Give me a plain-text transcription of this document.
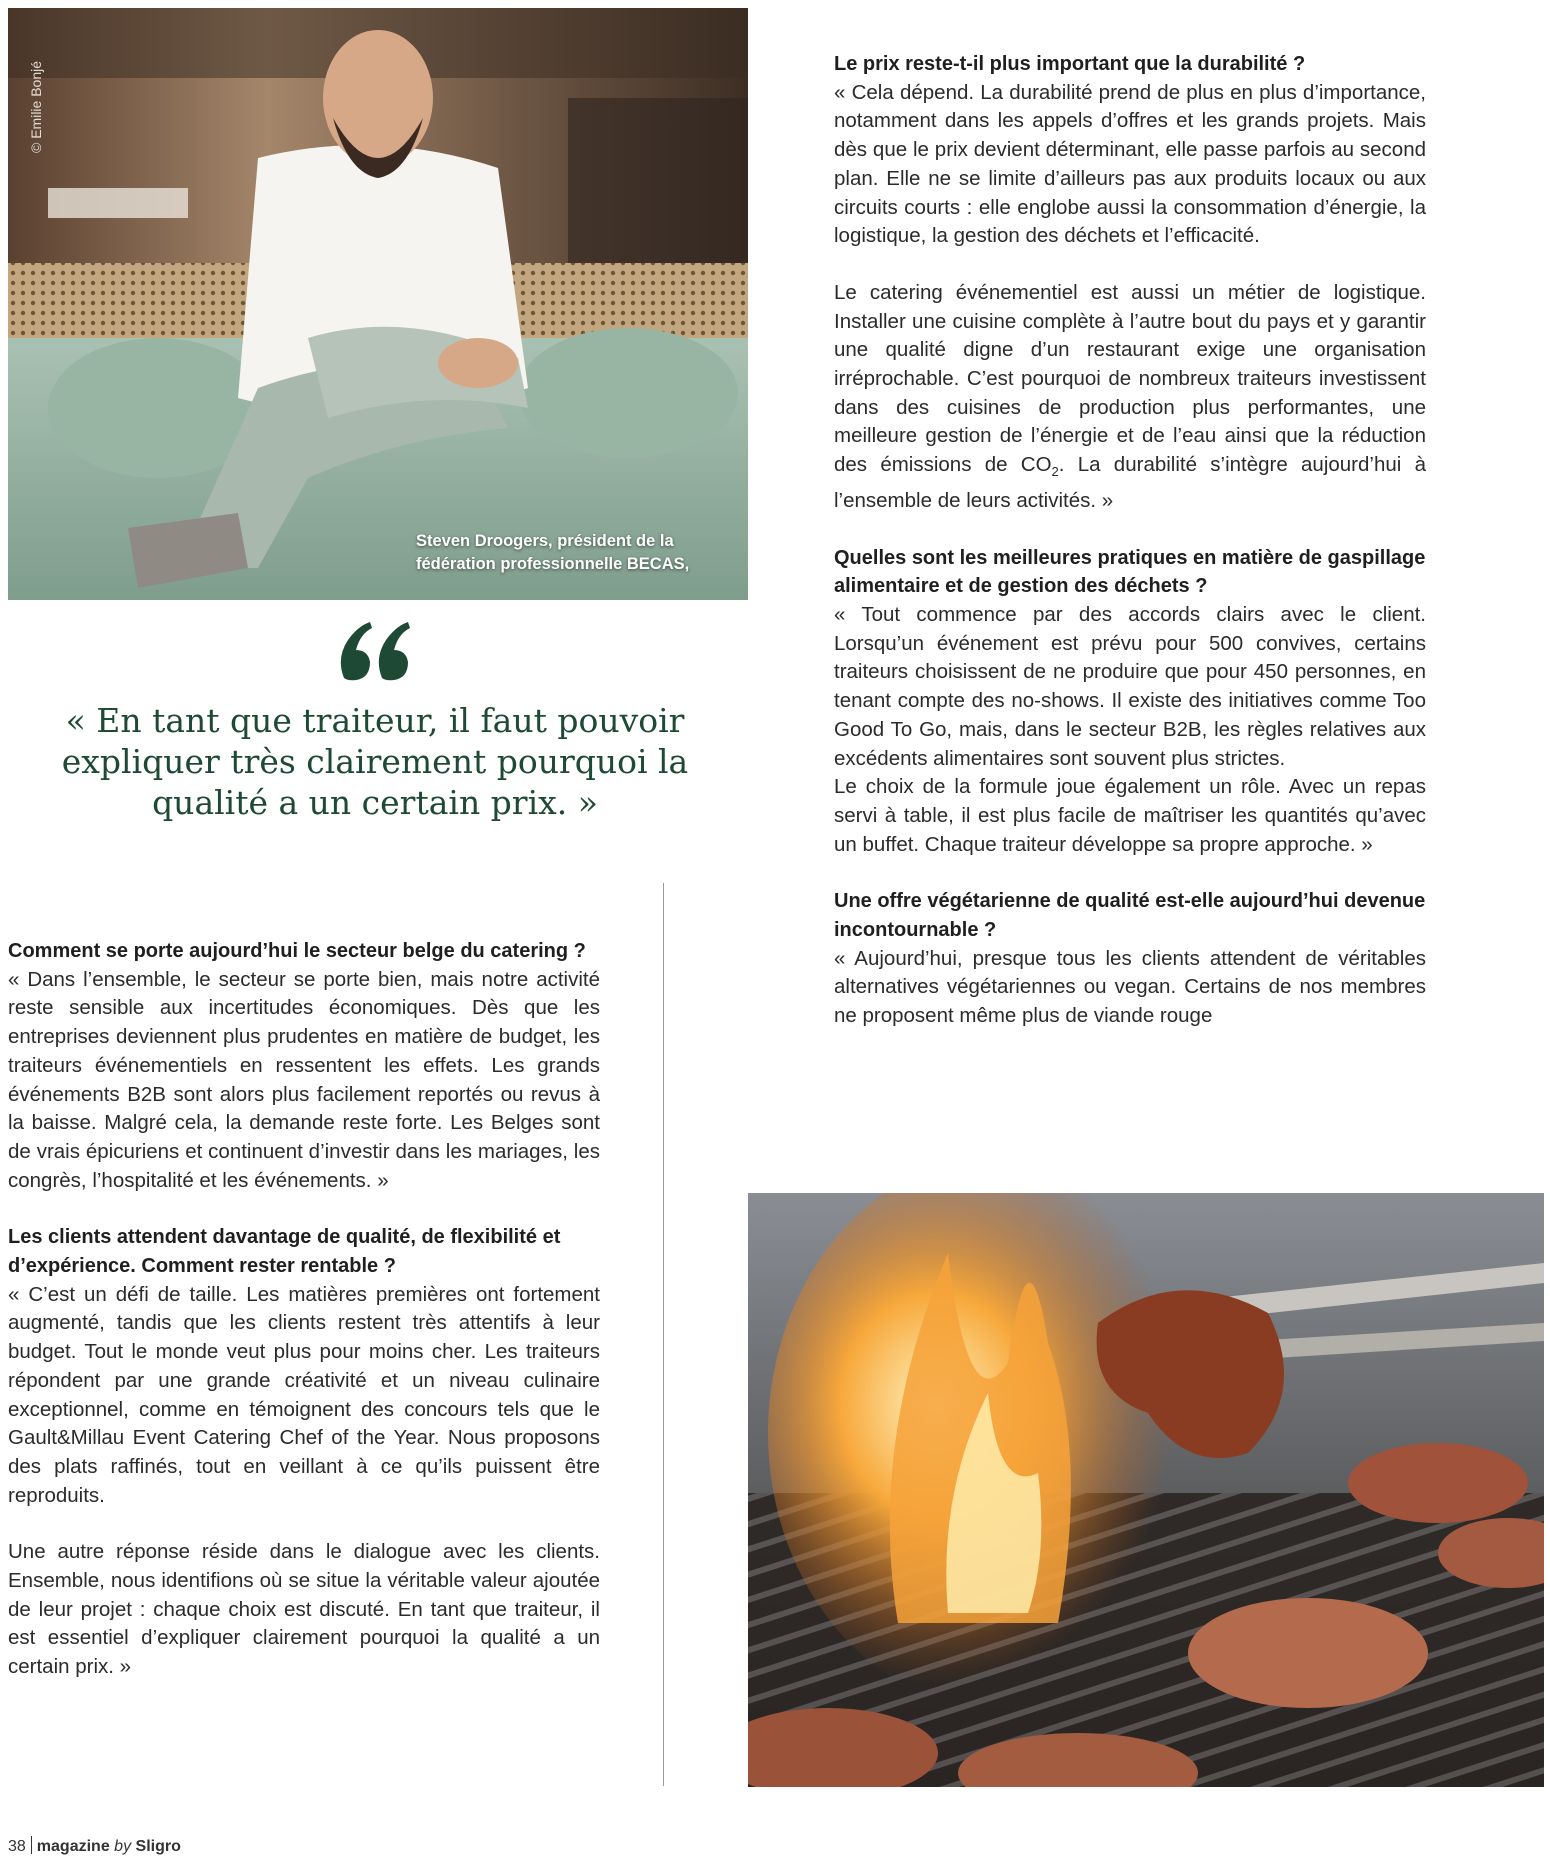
© Emilie Bonjé
Steven Droogers, président de la fédération professionnelle BECAS,
« En tant que traiteur, il faut pouvoir expliquer très clairement pourquoi la qualité a un certain prix. »
Comment se porte aujourd’hui le secteur belge du catering ?

« Dans l’ensemble, le secteur se porte bien, mais notre activité reste sensible aux incertitudes économiques. Dès que les entreprises deviennent plus prudentes en matière de budget, les traiteurs événementiels en ressentent les effets. Les grands événements B2B sont alors plus facilement reportés ou revus à la baisse. Malgré cela, la demande reste forte. Les Belges sont de vrais épicuriens et continuent d’investir dans les mariages, les congrès, l’hospitalité et les événements. »

Les clients attendent davantage de qualité, de flexibilité et d’expérience. Comment rester rentable ?

« C’est un défi de taille. Les matières premières ont fortement augmenté, tandis que les clients restent très attentifs à leur budget. Tout le monde veut plus pour moins cher. Les traiteurs répondent par une grande créativité et un niveau culinaire exceptionnel, comme en témoignent des concours tels que le Gault&Millau Event Catering Chef of the Year. Nous proposons des plats raffinés, tout en veillant à ce qu’ils puissent être reproduits.

Une autre réponse réside dans le dialogue avec les clients. Ensemble, nous identifions où se situe la véritable valeur ajoutée de leur projet : chaque choix est discuté. En tant que traiteur, il est essentiel d’expliquer clairement pourquoi la qualité a un certain prix. »

Le prix reste-t-il plus important que la durabilité ?

« Cela dépend. La durabilité prend de plus en plus d’importance, notamment dans les appels d’offres et les grands projets. Mais dès que le prix devient déterminant, elle passe parfois au second plan. Elle ne se limite d’ailleurs pas aux produits locaux ou aux circuits courts : elle englobe aussi la consommation d’énergie, la logistique, la gestion des déchets et l’efficacité.

Le catering événementiel est aussi un métier de logistique. Installer une cuisine complète à l’autre bout du pays et y garantir une qualité digne d’un restaurant exige une organisation irréprochable. C’est pourquoi de nombreux traiteurs investissent dans des cuisines de production plus performantes, une meilleure gestion de l’énergie et de l’eau ainsi que la réduction des émissions de $CO_2$. La durabilité s’intègre aujourd’hui à l’ensemble de leurs activités. »

Quelles sont les meilleures pratiques en matière de gaspillage alimentaire et de gestion des déchets ?

« Tout commence par des accords clairs avec le client. Lorsqu’un événement est prévu pour 500 convives, certains traiteurs choisissent de ne produire que pour 450 personnes, en tenant compte des no-shows. Il existe des initiatives comme Too Good To Go, mais, dans le secteur B2B, les règles relatives aux excédents alimentaires sont souvent plus strictes.

Le choix de la formule joue également un rôle. Avec un repas servi à table, il est plus facile de maîtriser les quantités qu’avec un buffet. Chaque traiteur développe sa propre approche. »

Une offre végétarienne de qualité est-elle aujourd’hui devenue incontournable ?

« Aujourd’hui, presque tous les clients attendent de véritables alternatives végétariennes ou vegan. Certains de nos membres ne proposent même plus de viande rouge

38 magazine by Sligro
